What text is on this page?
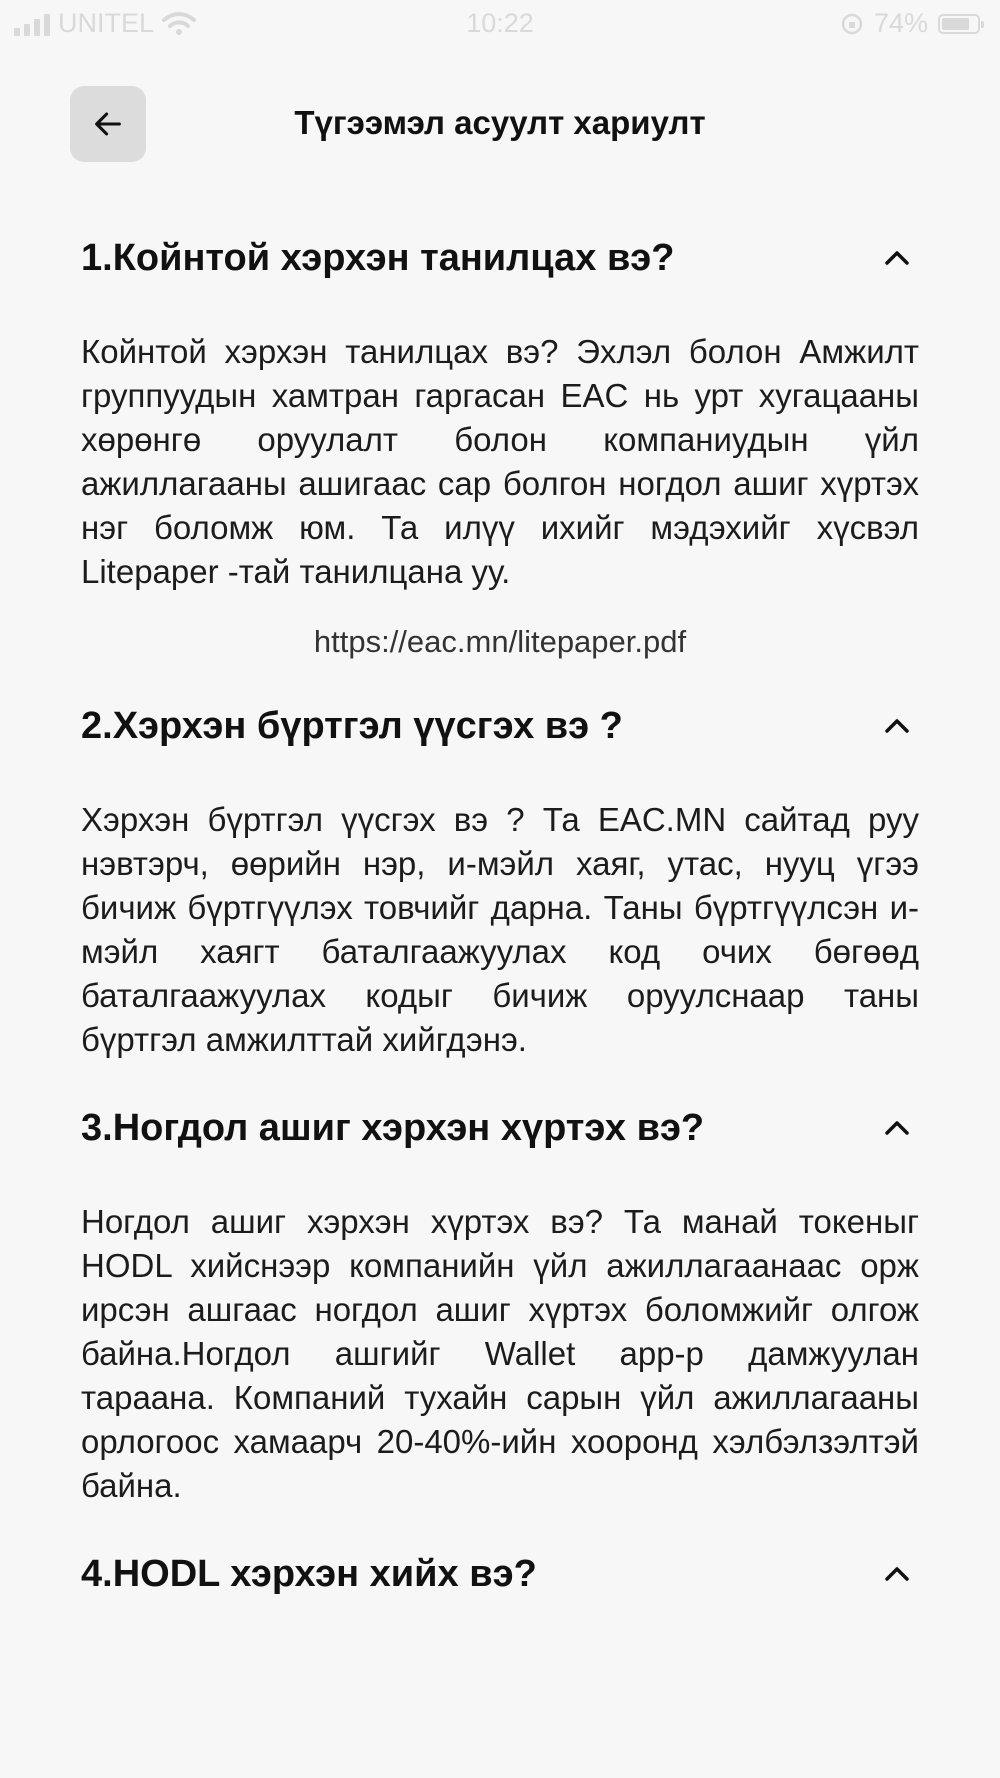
UNITEL	10:22	74%
Түгээмэл асуулт хариулт
1.Койнтой хэрхэн танилцах вэ?
Койнтой хэрхэн танилцах вэ? Эхлэл болон Амжилт группуудын хамтран гаргасан EAC нь урт хугацааны хөрөнгө оруулалт болон компаниудын үйл ажиллагааны ашигаас сар болгон ногдол ашиг хүртэх нэг боломж юм. Та илүү ихийг мэдэхийг хүсвэл Litepaper -тай танилцана уу.
https://eac.mn/litepaper.pdf
2.Хэрхэн бүртгэл үүсгэх вэ ?
Хэрхэн бүртгэл үүсгэх вэ ? Та EAC.MN сайтад руу нэвтэрч, өөрийн нэр, и-мэйл хаяг, утас, нууц үгээ бичиж бүртгүүлэх товчийг дарна. Таны бүртгүүлсэн и-мэйл хаягт баталгаажуулах код очих бөгөөд баталгаажуулах кодыг бичиж оруулснаар таны бүртгэл амжилттай хийгдэнэ.
3.Ногдол ашиг хэрхэн хүртэх вэ?
Ногдол ашиг хэрхэн хүртэх вэ? Та манай токеныг HODL хийснээр компанийн үйл ажиллагаанаас орж ирсэн ашгаас ногдол ашиг хүртэх боломжийг олгож байна.Ногдол ашгийг Wallet app-р дамжуулан тараана. Компаний тухайн сарын үйл ажиллагааны орлогоос хамаарч 20-40%-ийн хооронд хэлбэлзэлтэй байна.
4.HODL хэрхэн хийх вэ?
